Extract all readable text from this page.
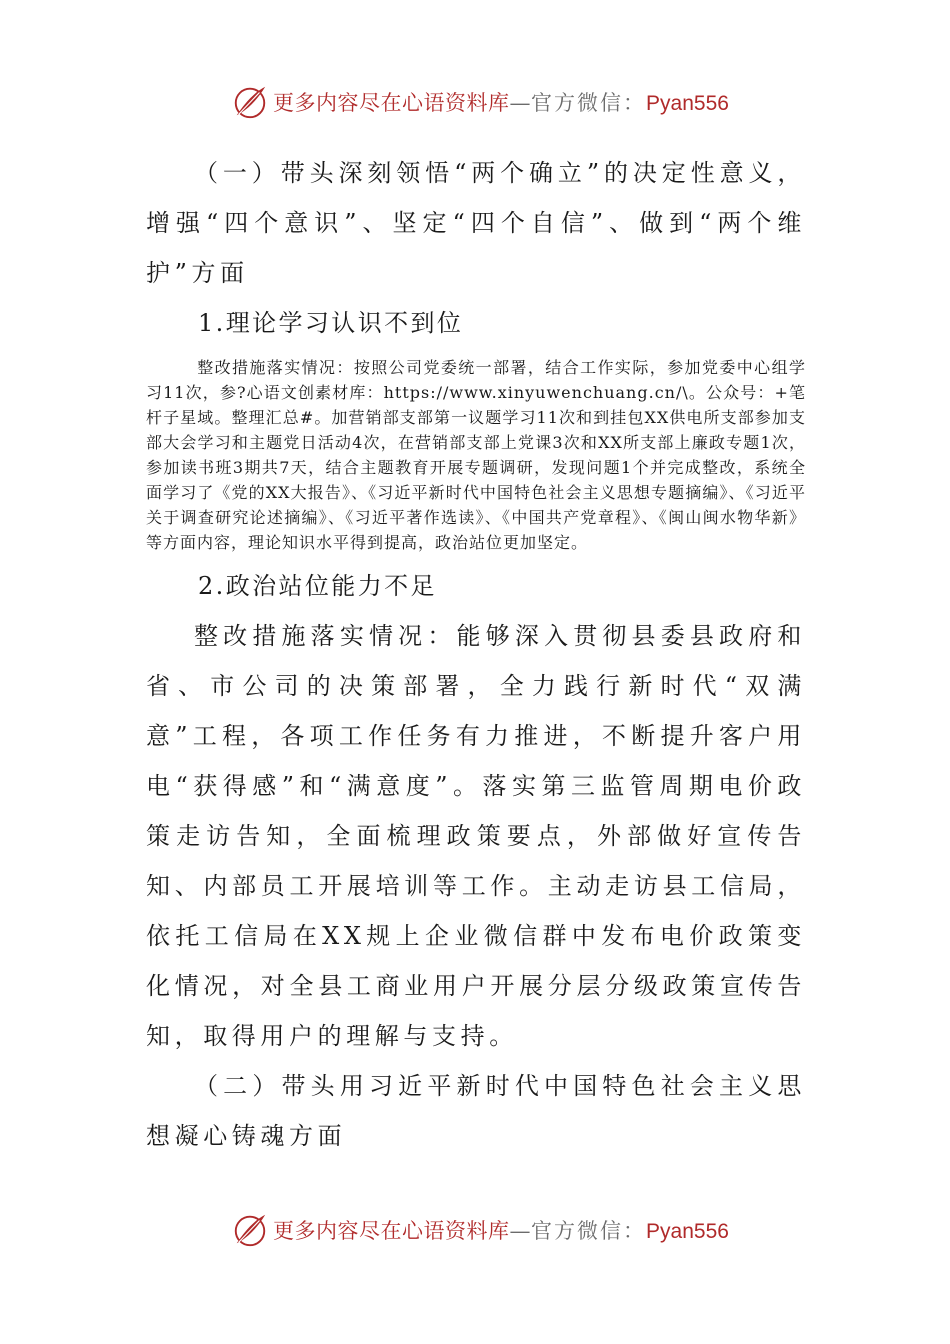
更多内容尽在心语资料库—官方微信：Pyan556

（一）带头深刻领悟“两个确立”的决定性意义，增强“四个意识”、坚定“四个自信”、做到“两个维护”方面

1.理论学习认识不到位

整改措施落实情况：按照公司党委统一部署，结合工作实际，参加党委中心组学习11次，参?心语文创素材库：https://www.xinyuwenchuang.cn/\。公众号：+笔杆子星域。整理汇总#。加营销部支部第一议题学习11次和到挂包XX供电所支部参加支部大会学习和主题党日活动4次，在营销部支部上党课3次和XX所支部上廉政专题1次，参加读书班3期共7天，结合主题教育开展专题调研，发现问题1个并完成整改，系统全面学习了《党的XX大报告》、《习近平新时代中国特色社会主义思想专题摘编》、《习近平关于调查研究论述摘编》、《习近平著作选读》、《中国共产党章程》、《闽山闽水物华新》等方面内容，理论知识水平得到提高，政治站位更加坚定。

2.政治站位能力不足

整改措施落实情况：能够深入贯彻县委县政府和省、市公司的决策部署，全力践行新时代“双满意”工程，各项工作任务有力推进，不断提升客户用电“获得感”和“满意度”。落实第三监管周期电价政策走访告知，全面梳理政策要点，外部做好宣传告知、内部员工开展培训等工作。主动走访县工信局，依托工信局在XX规上企业微信群中发布电价政策变化情况，对全县工商业用户开展分层分级政策宣传告知，取得用户的理解与支持。

（二）带头用习近平新时代中国特色社会主义思想凝心铸魂方面

更多内容尽在心语资料库—官方微信：Pyan556
